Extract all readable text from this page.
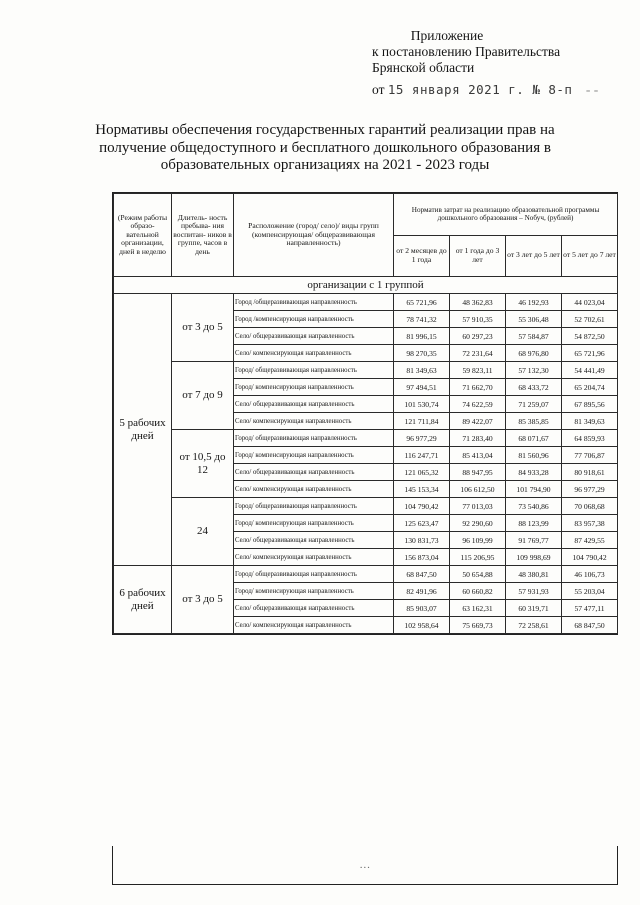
Приложение
к постановлению Правительства
Брянской области
от 15 января 2021 г. № 8-п - -
Нормативы обеспечения государственных гарантий реализации прав на получение общедоступного и бесплатного дошкольного образования в образовательных организациях на 2021 - 2023 годы
(Режим работы образо- вательной организации, дней в неделю	Длитель- ность пребыва- ния воспитан- ников в группе, часов в день	Расположение (город/ село)/ виды групп (компенсирующая/ общеразвивающая направленность)	Норматив затрат на реализацию образовательной программы дошкольного образования – Nобуч, (рублей)			
			от 2 месяцев до 1 года	от 1 года до 3 лет	от 3 лет до 5 лет	от 5 лет до 7 лет
организации с 1 группой						
5 рабочих дней	от 3 до 5	Город /общеразвивающая направленность	65 721,96	48 362,83	46 192,93	44 023,04
		Город /компенсирующая направленность	78 741,32	57 910,35	55 306,48	52 702,61
		Село/ общеразвивающая направленность	81 996,15	60 297,23	57 584,87	54 872,50
		Село/ компенсирующая направленность	98 270,35	72 231,64	68 976,80	65 721,96
	от 7 до 9	Город/ общеразвивающая направленность	81 349,63	59 823,11	57 132,30	54 441,49
		Город/ компенсирующая направленность	97 494,51	71 662,70	68 433,72	65 204,74
		Село/ общеразвивающая направленность	101 530,74	74 622,59	71 259,07	67 895,56
		Село/ компенсирующая направленность	121 711,84	89 422,07	85 385,85	81 349,63
	от 10,5 до 12	Город/ общеразвивающая направленность	96 977,29	71 283,40	68 071,67	64 859,93
		Город/ компенсирующая направленность	116 247,71	85 413,04	81 560,96	77 706,87
		Село/ общеразвивающая направленность	121 065,32	88 947,95	84 933,28	80 918,61
		Село/ компенсирующая направленность	145 153,34	106 612,50	101 794,90	96 977,29
	24	Город/ общеразвивающая направленность	104 790,42	77 013,03	73 540,86	70 068,68
		Город/ компенсирующая направленность	125 623,47	92 290,60	88 123,99	83 957,38
		Село/ общеразвивающая направленность	130 831,73	96 109,99	91 769,77	87 429,55
		Село/ компенсирующая направленность	156 873,04	115 206,95	109 998,69	104 790,42
6 рабочих дней	от 3 до 5	Город/ общеразвивающая направленность	68 847,50	50 654,88	48 380,81	46 106,73
		Город/ компенсирующая направленность	82 491,96	60 660,82	57 931,93	55 203,04
		Село/ общеразвивающая направленность	85 903,07	63 162,31	60 319,71	57 477,11
		Село/ компенсирующая направленность	102 958,64	75 669,73	72 258,61	68 847,50
…
